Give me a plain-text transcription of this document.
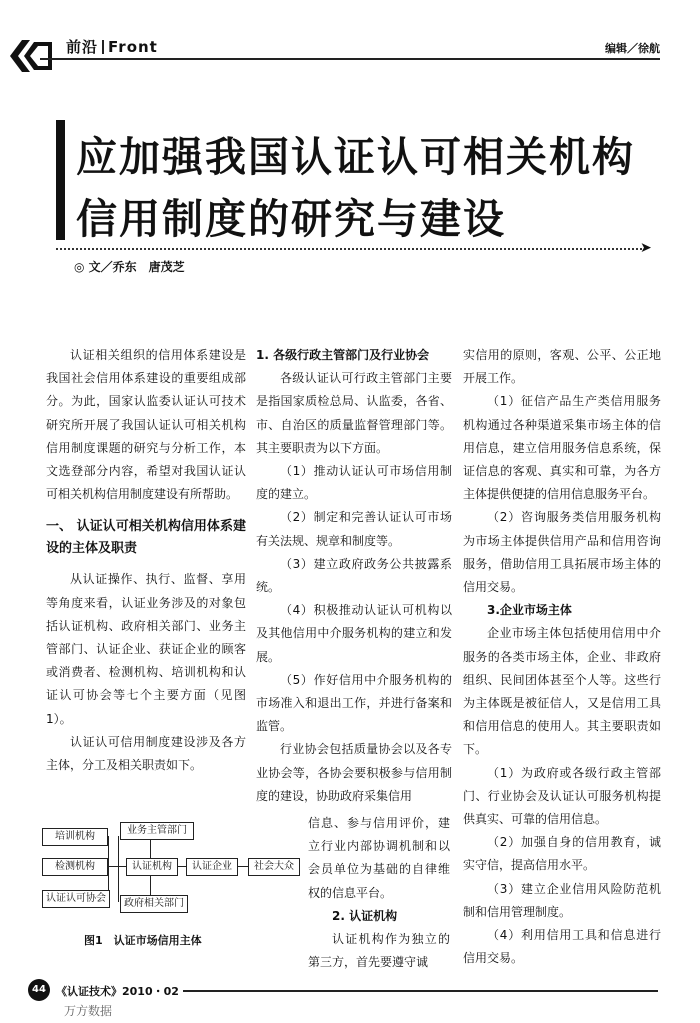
前沿 Front	编辑／徐航
应加强我国认证认可相关机构
信用制度的研究与建设
➤
◎ 文／乔东　唐茂芝

认证相关组织的信用体系建设是我国社会信用体系建设的重要组成部分。为此，国家认监委认证认可技术研究所开展了我国认证认可相关机构信用制度课题的研究与分析工作，本文选登部分内容，希望对我国认证认可相关机构信用制度建设有所帮助。

一、 认证认可相关机构信用体系建设的主体及职责

从认证操作、执行、监督、享用等角度来看，认证业务涉及的对象包括认证机构、政府相关部门、业务主管部门、认证企业、获证企业的顾客或消费者、检测机构、培训机构和认证认可协会等七个主要方面（见图1）。

认证认可信用制度建设涉及各方主体，分工及相关职责如下。

1. 各级行政主管部门及行业协会

各级认证认可行政主管部门主要是指国家质检总局、认监委，各省、市、自治区的质量监督管理部门等。其主要职责为以下方面。

（1）推动认证认可市场信用制度的建立。

（2）制定和完善认证认可市场有关法规、规章和制度等。

（3）建立政府政务公共披露系统。

（4）积极推动认证认可机构以及其他信用中介服务机构的建立和发展。

（5）作好信用中介服务机构的市场准入和退出工作，并进行备案和监管。

行业协会包括质量协会以及各专业协会等，各协会要积极参与信用制度的建设，协助政府采集信用

信息、参与信用评价，建立行业内部协调机制和以会员单位为基础的自律维权的信息平台。

2. 认证机构

认证机构作为独立的第三方，首先要遵守诚

实信用的原则，客观、公平、公正地开展工作。

（1）征信产品生产类信用服务机构通过各种渠道采集市场主体的信用信息，建立信用服务信息系统，保证信息的客观、真实和可靠，为各方主体提供便捷的信用信息服务平台。

（2）咨询服务类信用服务机构为市场主体提供信用产品和信用咨询服务，借助信用工具拓展市场主体的信用交易。

3.企业市场主体

企业市场主体包括使用信用中介服务的各类市场主体，企业、非政府组织、民间团体甚至个人等。这些行为主体既是被征信人，又是信用工具和信用信息的使用人。其主要职责如下。

（1）为政府或各级行政主管部门、行业协会及认证认可服务机构提供真实、可靠的信用信息。

（2）加强自身的信用教育，诚实守信，提高信用水平。

（3）建立企业信用风险防范机制和信用管理制度。

（4）利用信用工具和信息进行信用交易。

培训机构
业务主管部门
检测机构	认证机构	认证企业	社会大众
认证认可协会	政府相关部门
图1　认证市场信用主体
44 《认证技术》2010・02
万方数据
